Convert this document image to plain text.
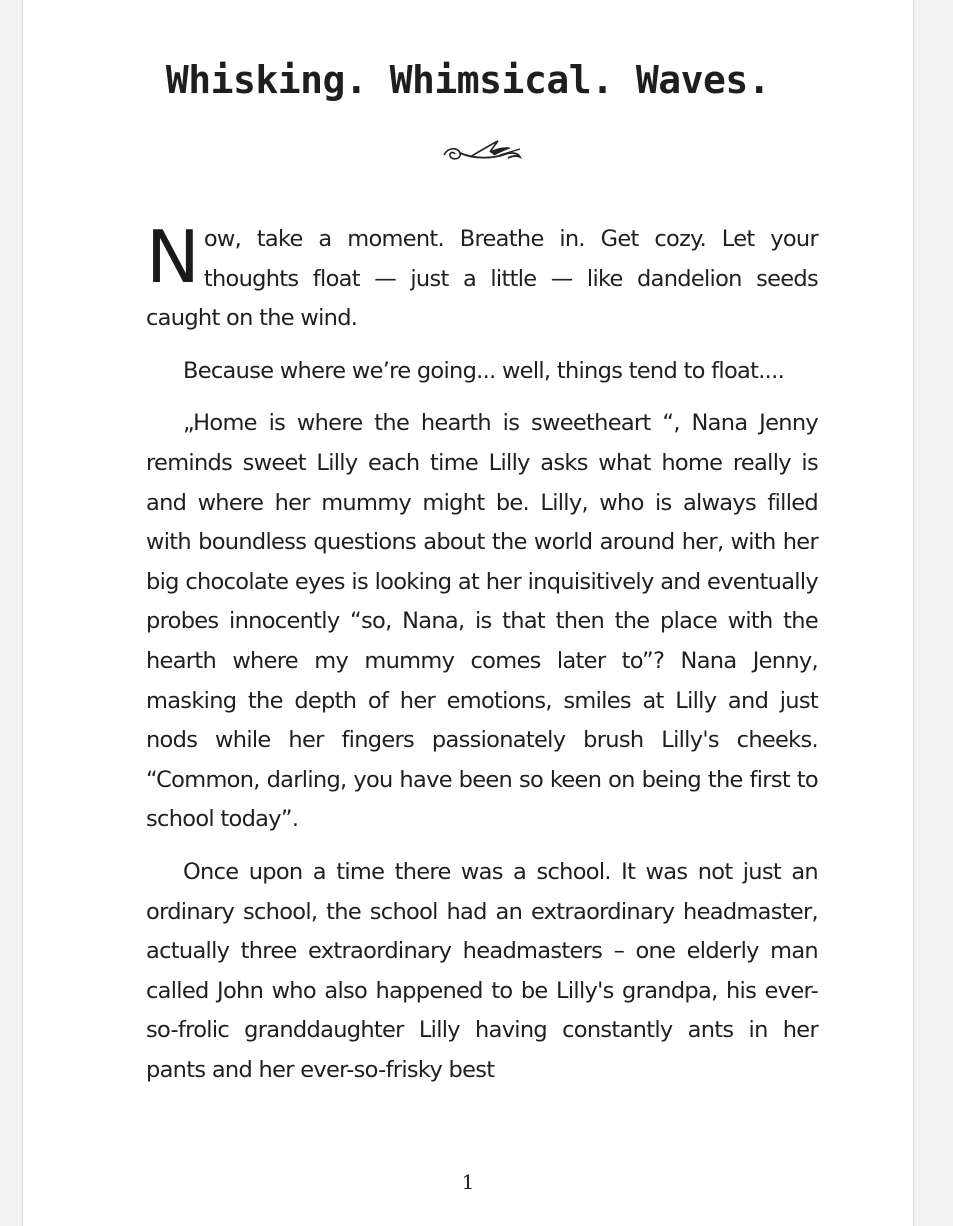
Whisking. Whimsical. Waves.

Now, take a moment. Breathe in. Get cozy. Let your thoughts float — just a little — like dandelion seeds caught on the wind.

Because where we’re going... well, things tend to float....

„Home is where the hearth is sweetheart “, Nana Jenny reminds sweet Lilly each time Lilly asks what home really is and where her mummy might be. Lilly, who is always filled with boundless questions about the world around her, with her big chocolate eyes is looking at her inquisitively and eventually probes innocently “so, Nana, is that then the place with the hearth where my mummy comes later to”? Nana Jenny, masking the depth of her emotions, smiles at Lilly and just nods while her fingers passionately brush Lilly's cheeks. “Common, darling, you have been so keen on being the first to school today”.

Once upon a time there was a school. It was not just an ordinary school, the school had an extraordinary headmaster, actually three extraordinary headmasters – one elderly man called John who also happened to be Lilly's grandpa, his ever-so-frolic granddaughter Lilly having constantly ants in her pants and her ever-so-frisky best

1
